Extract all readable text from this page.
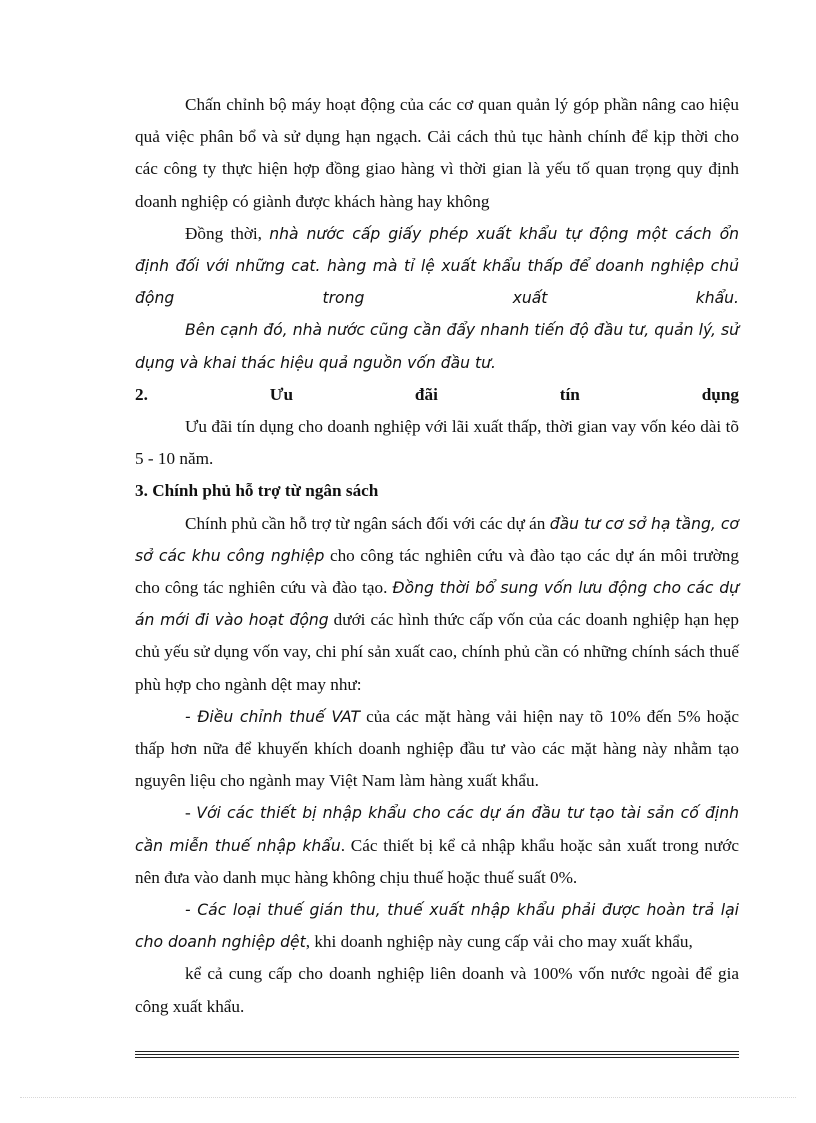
Chấn chỉnh bộ máy hoạt động của các cơ quan quản lý góp phần nâng cao hiệu quả việc phân bổ và sử dụng hạn ngạch. Cải cách thủ tục hành chính để kịp thời cho các công ty thực hiện hợp đồng giao hàng vì thời gian là yếu tố quan trọng quy định doanh nghiệp có giành được khách hàng hay không

Đồng thời, nhà nước cấp giấy phép xuất khẩu tự động một cách ổn định đối với những cat. hàng mà tỉ lệ xuất khẩu thấp để doanh nghiệp chủ động trong xuất khẩu.

Bên cạnh đó, nhà nước cũng cần đẩy nhanh tiến độ đầu tư, quản lý, sử dụng và khai thác hiệu quả nguồn vốn đầu tư.

2. Ưu đãi tín dụng

Ưu đãi tín dụng cho doanh nghiệp với lãi xuất thấp, thời gian vay vốn kéo dài tõ 5 - 10 năm.

3. Chính phủ hỗ trợ từ ngân sách

Chính phủ cần hỗ trợ từ ngân sách đối với các dự án đầu tư cơ sở hạ tầng, cơ sở các khu công nghiệp cho công tác nghiên cứu và đào tạo các dự án môi trường cho công tác nghiên cứu và đào tạo. Đồng thời bổ sung vốn lưu động cho các dự án mới đi vào hoạt động dưới các hình thức cấp vốn của các doanh nghiệp hạn hẹp chủ yếu sử dụng vốn vay, chi phí sản xuất cao, chính phủ cần có những chính sách thuế phù hợp cho ngành dệt may như:

- Điều chỉnh thuế VAT của các mặt hàng vải hiện nay tõ 10% đến 5% hoặc thấp hơn nữa để khuyến khích doanh nghiệp đầu tư vào các mặt hàng này nhằm tạo nguyên liệu cho ngành may Việt Nam làm hàng xuất khẩu.

- Với các thiết bị nhập khẩu cho các dự án đầu tư tạo tài sản cố định cần miễn thuế nhập khẩu. Các thiết bị kể cả nhập khẩu hoặc sản xuất trong nước nên đưa vào danh mục hàng không chịu thuế hoặc thuế suất 0%.

- Các loại thuế gián thu, thuế xuất nhập khẩu phải được hoàn trả lại cho doanh nghiệp dệt, khi doanh nghiệp này cung cấp vải cho may xuất khẩu,

kể cả cung cấp cho doanh nghiệp liên doanh và 100% vốn nước ngoài để gia công xuất khẩu.
